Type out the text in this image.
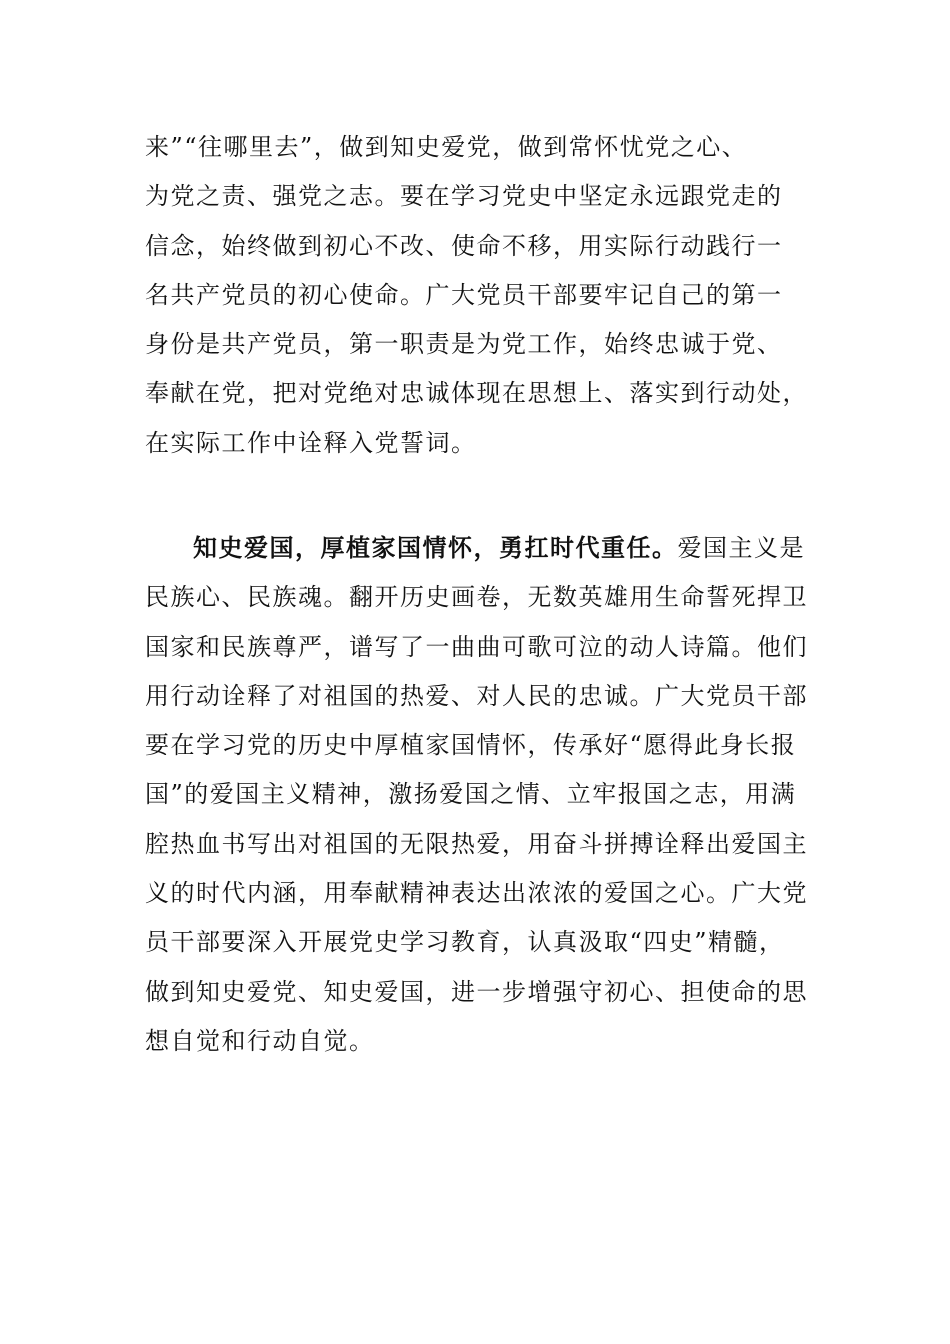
来”“往哪里去”，做到知史爱党，做到常怀忧党之心、
为党之责、强党之志。要在学习党史中坚定永远跟党走的
信念，始终做到初心不改、使命不移，用实际行动践行一
名共产党员的初心使命。广大党员干部要牢记自己的第一
身份是共产党员，第一职责是为党工作，始终忠诚于党、
奉献在党，把对党绝对忠诚体现在思想上、落实到行动处，
在实际工作中诠释入党誓词。
知史爱国，厚植家国情怀，勇扛时代重任。爱国主义是
民族心、民族魂。翻开历史画卷，无数英雄用生命誓死捍卫
国家和民族尊严，谱写了一曲曲可歌可泣的动人诗篇。他们
用行动诠释了对祖国的热爱、对人民的忠诚。广大党员干部
要在学习党的历史中厚植家国情怀，传承好“愿得此身长报
国”的爱国主义精神，激扬爱国之情、立牢报国之志，用满
腔热血书写出对祖国的无限热爱，用奋斗拼搏诠释出爱国主
义的时代内涵，用奉献精神表达出浓浓的爱国之心。广大党
员干部要深入开展党史学习教育，认真汲取“四史”精髓，
做到知史爱党、知史爱国，进一步增强守初心、担使命的思
想自觉和行动自觉。
